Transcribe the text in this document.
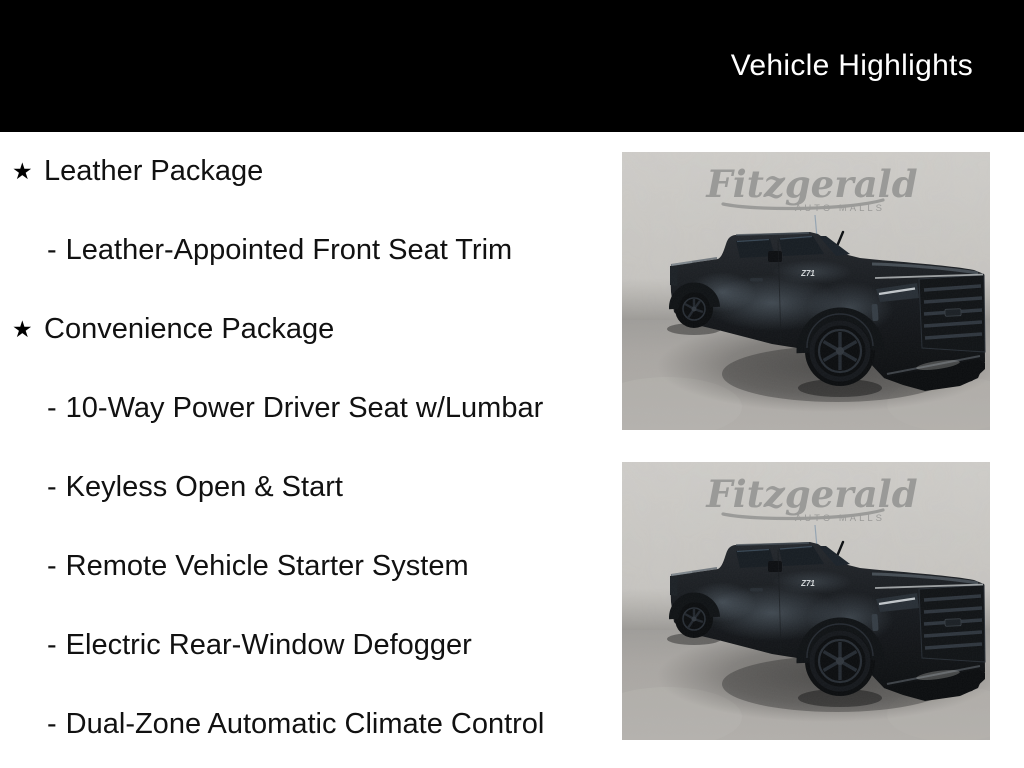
Vehicle Highlights
★ Leather Package
- Leather-Appointed Front Seat Trim
★ Convenience Package
- 10-Way Power Driver Seat w/Lumbar
- Keyless Open & Start
- Remote Vehicle Starter System
- Electric Rear-Window Defogger
- Dual-Zone Automatic Climate Control
Fitzgerald
AUTO MALLS
Z71
Fitzgerald
AUTO MALLS
Z71
